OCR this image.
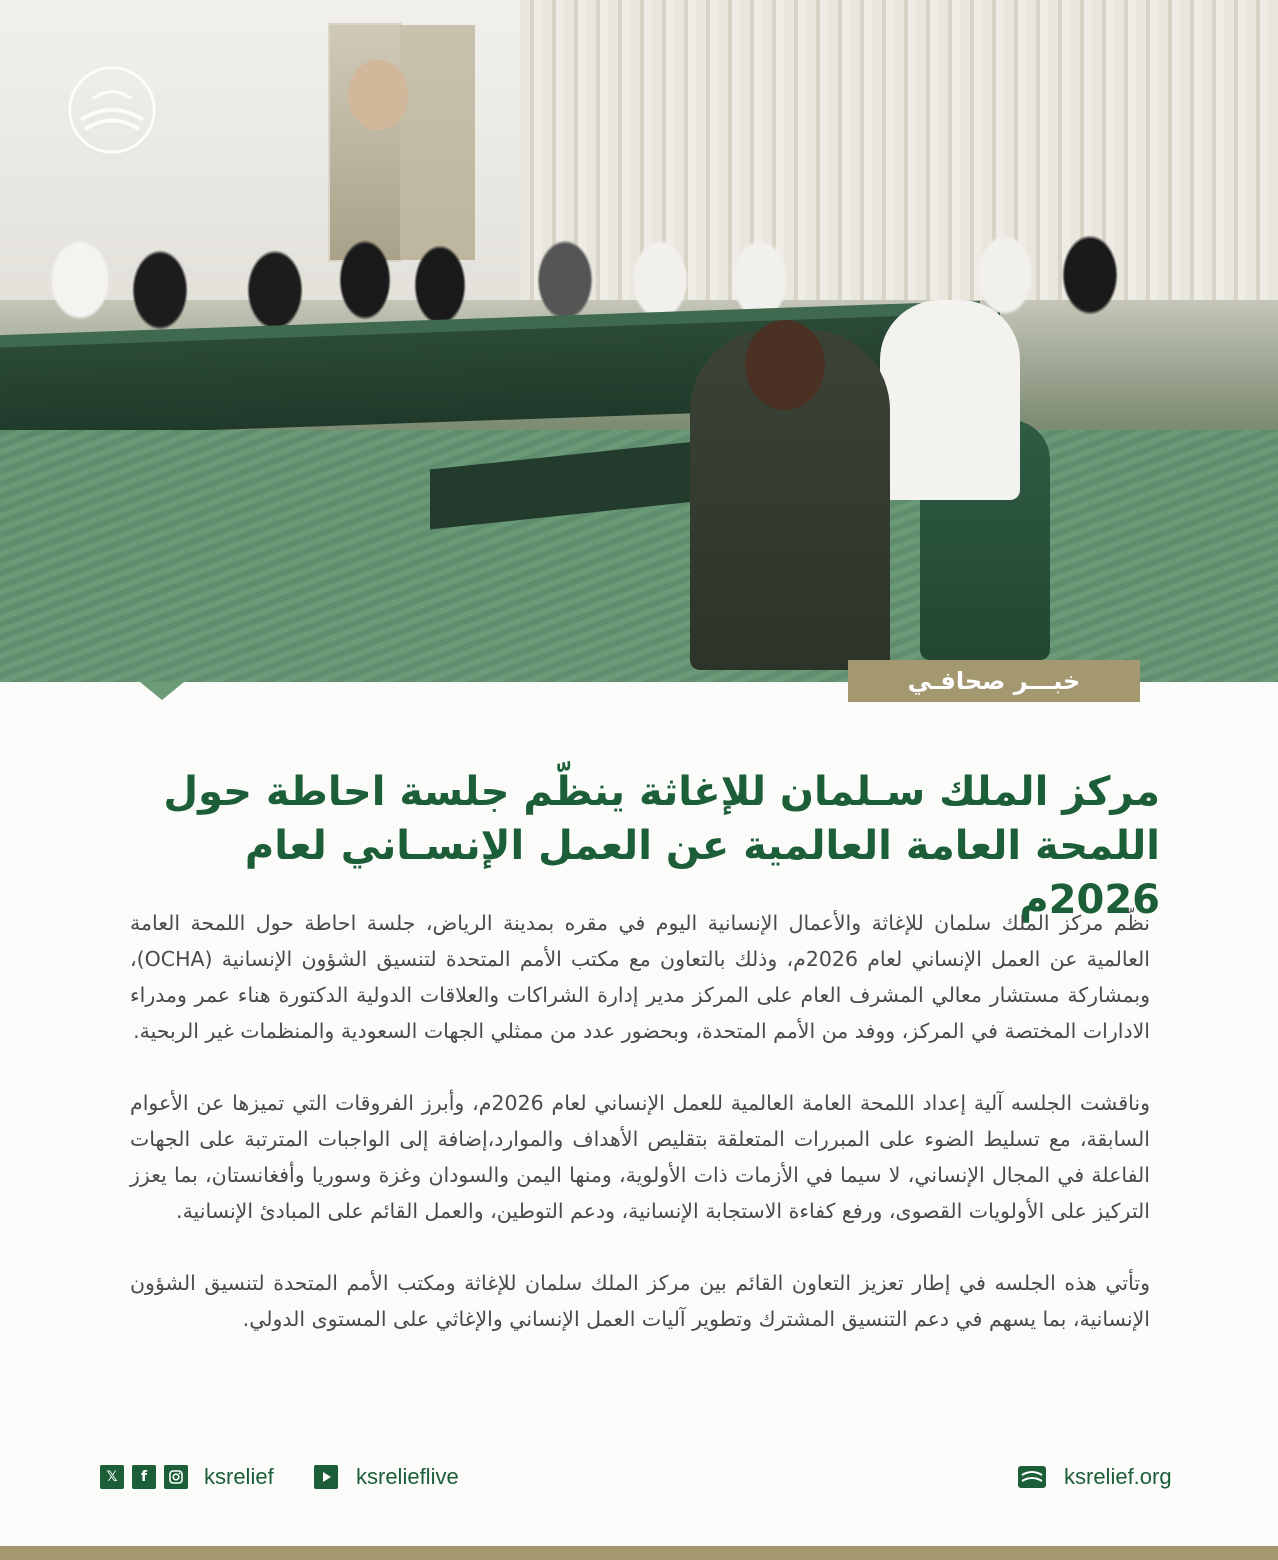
خبـــر صحافـي
مركز الملك سـلمان للإغاثة ينظّم جلسة احاطة حول
اللمحة العامة العالمية عن العمل الإنسـاني لعام 2026م

نظّم مركز الملك سلمان للإغاثة والأعمال الإنسانية اليوم في مقره بمدينة الرياض، جلسة احاطة حول اللمحة العامة العالمية عن العمل الإنساني لعام 2026م، وذلك بالتعاون مع مكتب الأمم المتحدة لتنسيق الشؤون الإنسانية (OCHA)، وبمشاركة مستشار معالي المشرف العام على المركز مدير إدارة الشراكات والعلاقات الدولية الدكتورة هناء عمر ومدراء الادارات المختصة في المركز، ووفد من الأمم المتحدة، وبحضور عدد من ممثلي الجهات السعودية والمنظمات غير الربحية.

وناقشت الجلسه آلية إعداد اللمحة العامة العالمية للعمل الإنساني لعام 2026م، وأبرز الفروقات التي تميزها عن الأعوام السابقة، مع تسليط الضوء على المبررات المتعلقة بتقليص الأهداف والموارد،إضافة إلى الواجبات المترتبة على الجهات الفاعلة في المجال الإنساني، لا سيما في الأزمات ذات الأولوية، ومنها اليمن والسودان وغزة وسوريا وأفغانستان، بما يعزز التركيز على الأولويات القصوى، ورفع كفاءة الاستجابة الإنسانية، ودعم التوطين، والعمل القائم على المبادئ الإنسانية.

وتأتي هذه الجلسه في إطار تعزيز التعاون القائم بين مركز الملك سلمان للإغاثة ومكتب الأمم المتحدة لتنسيق الشؤون الإنسانية، بما يسهم في دعم التنسيق المشترك وتطوير آليات العمل الإنساني والإغاثي على المستوى الدولي.

𝕏	f	ksrelief	ksrelieflive	ksrelief.org
